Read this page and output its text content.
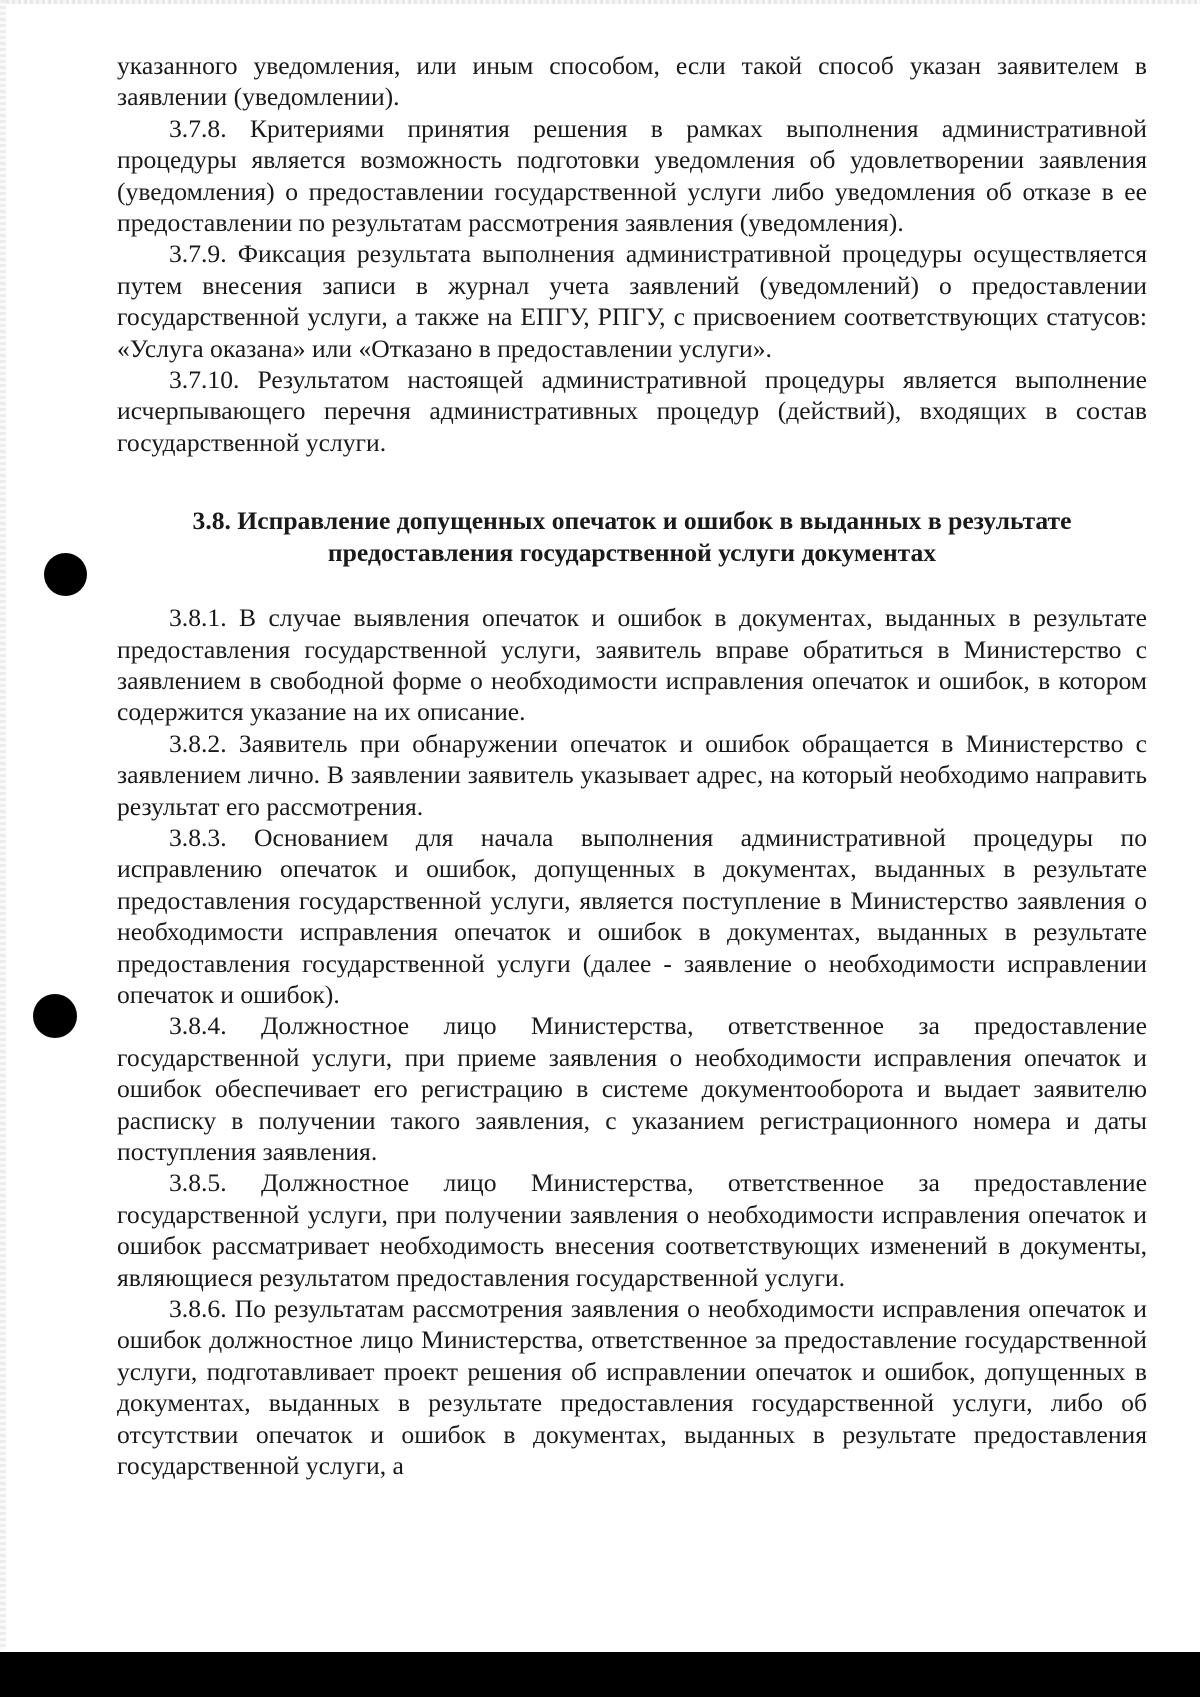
указанного уведомления, или иным способом, если такой способ указан заявителем в заявлении (уведомлении).

3.7.8. Критериями принятия решения в рамках выполнения административной процедуры является возможность подготовки уведомления об удовлетворении заявления (уведомления) о предоставлении государственной услуги либо уведомления об отказе в ее предоставлении по результатам рассмотрения заявления (уведомления).

3.7.9. Фиксация результата выполнения административной процедуры осуществляется путем внесения записи в журнал учета заявлений (уведомлений) о предоставлении государственной услуги, а также на ЕПГУ, РПГУ, с присвоением соответствующих статусов: «Услуга оказана» или «Отказано в предоставлении услуги».

3.7.10. Результатом настоящей административной процедуры является выполнение исчерпывающего перечня административных процедур (действий), входящих в состав государственной услуги.

3.8. Исправление допущенных опечаток и ошибок в выданных в результате
предоставления государственной услуги документах

3.8.1. В случае выявления опечаток и ошибок в документах, выданных в результате предоставления государственной услуги, заявитель вправе обратиться в Министерство с заявлением в свободной форме о необходимости исправления опечаток и ошибок, в котором содержится указание на их описание.

3.8.2. Заявитель при обнаружении опечаток и ошибок обращается в Министерство с заявлением лично. В заявлении заявитель указывает адрес, на который необходимо направить результат его рассмотрения.

3.8.3. Основанием для начала выполнения административной процедуры по исправлению опечаток и ошибок, допущенных в документах, выданных в результате предоставления государственной услуги, является поступление в Министерство заявления о необходимости исправления опечаток и ошибок в документах, выданных в результате предоставления государственной услуги (далее - заявление о необходимости исправлении опечаток и ошибок).

3.8.4. Должностное лицо Министерства, ответственное за предоставление государственной услуги, при приеме заявления о необходимости исправления опечаток и ошибок обеспечивает его регистрацию в системе документооборота и выдает заявителю расписку в получении такого заявления, с указанием регистрационного номера и даты поступления заявления.

3.8.5. Должностное лицо Министерства, ответственное за предоставление государственной услуги, при получении заявления о необходимости исправления опечаток и ошибок рассматривает необходимость внесения соответствующих изменений в документы, являющиеся результатом предоставления государственной услуги.

3.8.6. По результатам рассмотрения заявления о необходимости исправления опечаток и ошибок должностное лицо Министерства, ответственное за предоставление государственной услуги, подготавливает проект решения об исправлении опечаток и ошибок, допущенных в документах, выданных в результате предоставления государственной услуги, либо об отсутствии опечаток и ошибок в документах, выданных в результате предоставления государственной услуги, а
